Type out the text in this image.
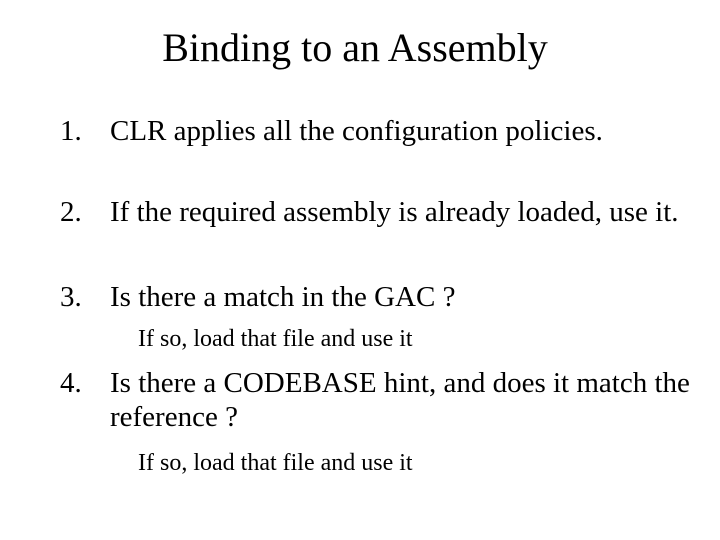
Binding to an Assembly
1. CLR applies all the configuration policies.
2. If the required assembly is already loaded, use it.
3. Is there a match in the GAC ?
If so, load that file and use it
4. Is there a CODEBASE hint, and does it match the reference ?
If so, load that file and use it
